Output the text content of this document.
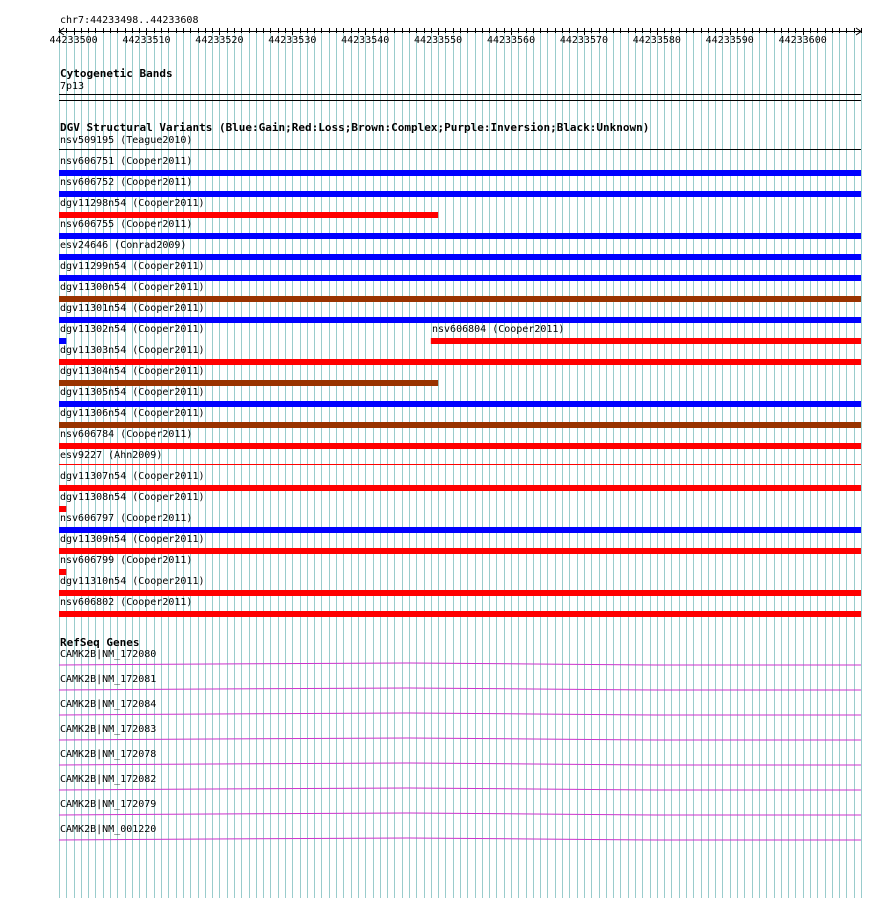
chr7:44233498..44233608
Cytogenetic Bands
7p13
DGV Structural Variants (Blue:Gain;Red:Loss;Brown:Complex;Purple:Inversion;Black:Unknown)
RefSeq Genes
44233500 44233510 44233520 44233530 44233540 44233550 44233560 44233570 44233580 44233590 44233600
nsv509195 (Teague2010)
nsv606751 (Cooper2011)
nsv606752 (Cooper2011)
dgv11298n54 (Cooper2011)
nsv606755 (Cooper2011)
esv24646 (Conrad2009)
dgv11299n54 (Cooper2011)
dgv11300n54 (Cooper2011)
dgv11301n54 (Cooper2011)
dgv11302n54 (Cooper2011)	nsv606804 (Cooper2011)
dgv11303n54 (Cooper2011)
dgv11304n54 (Cooper2011)
dgv11305n54 (Cooper2011)
dgv11306n54 (Cooper2011)
nsv606784 (Cooper2011)
esv9227 (Ahn2009)
dgv11307n54 (Cooper2011)
dgv11308n54 (Cooper2011)
nsv606797 (Cooper2011)
dgv11309n54 (Cooper2011)
nsv606799 (Cooper2011)
dgv11310n54 (Cooper2011)
nsv606802 (Cooper2011)
CAMK2B|NM_172080
CAMK2B|NM_172081
CAMK2B|NM_172084
CAMK2B|NM_172083
CAMK2B|NM_172078
CAMK2B|NM_172082
CAMK2B|NM_172079
CAMK2B|NM_001220
